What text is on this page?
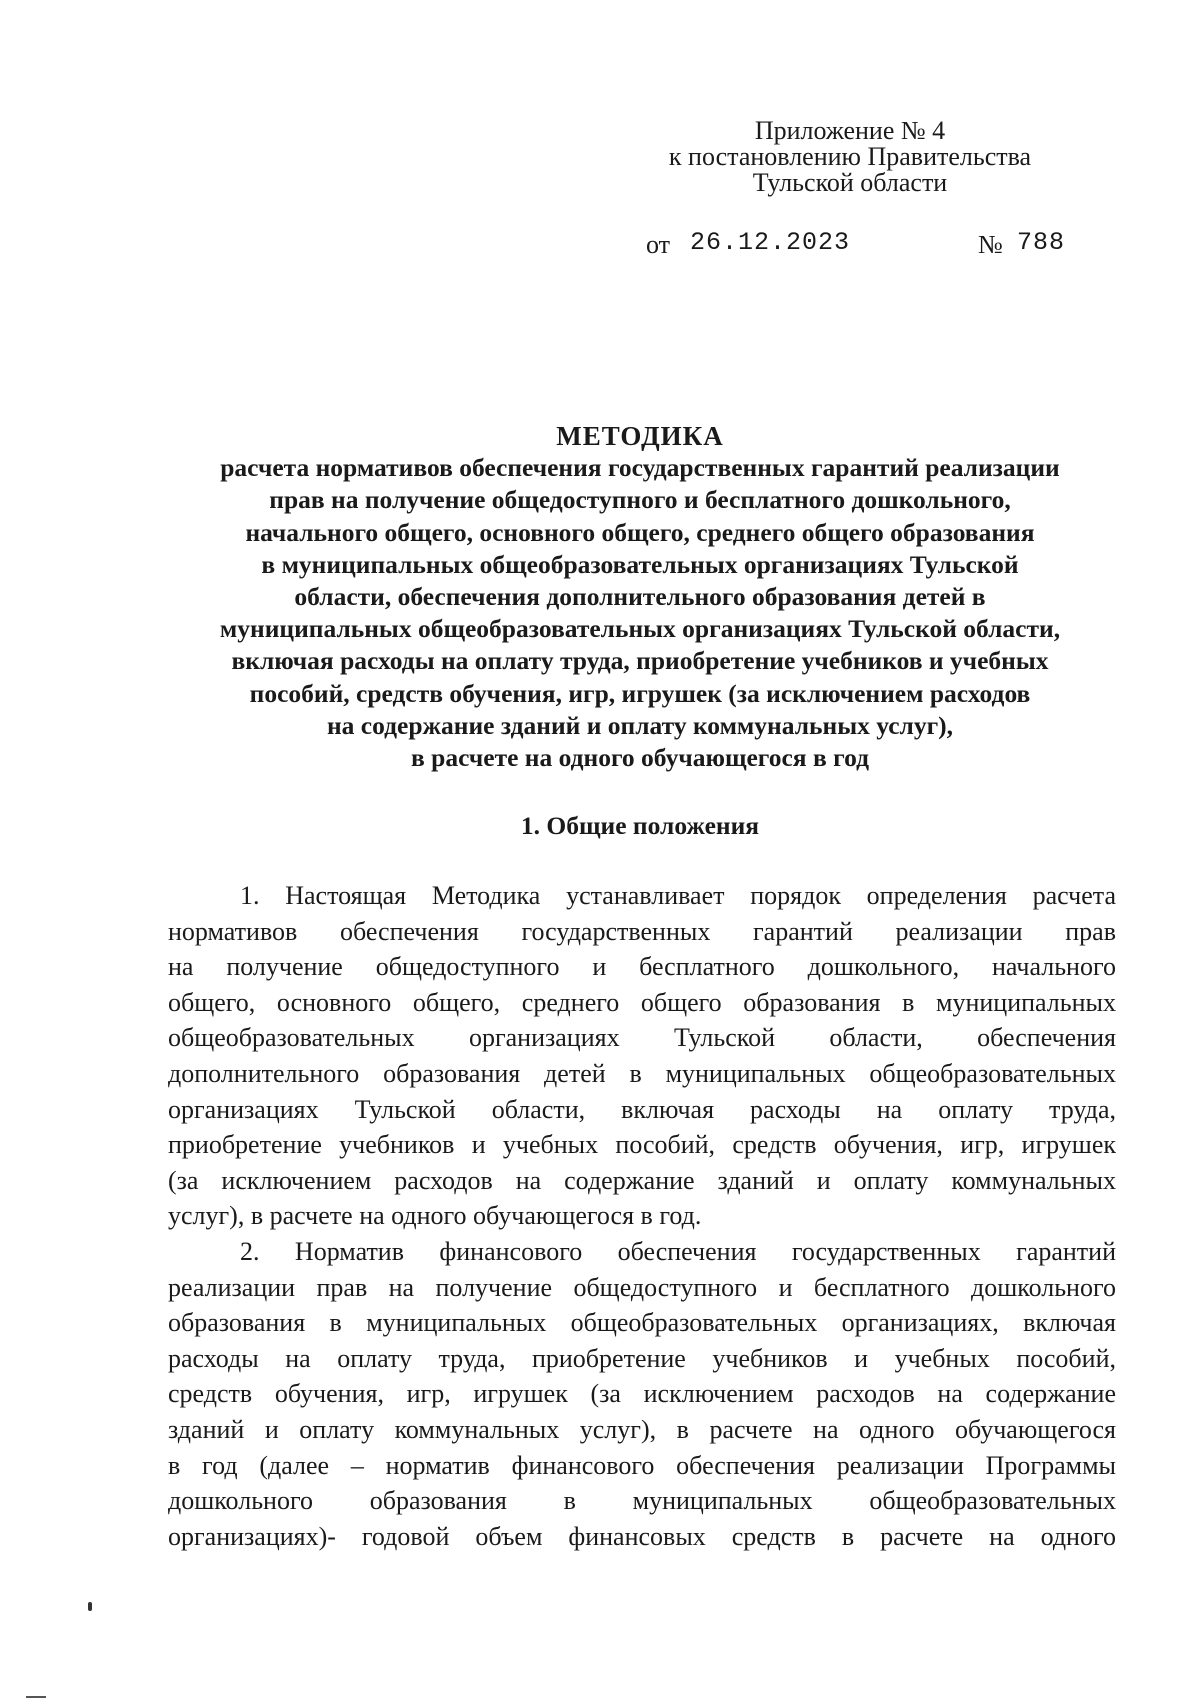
Приложение № 4
к постановлению Правительства
Тульской области
от 26.12.2023	№ 788
МЕТОДИКА
расчета нормативов обеспечения государственных гарантий реализации
прав на получение общедоступного и бесплатного дошкольного,
начального общего, основного общего, среднего общего образования
в муниципальных общеобразовательных организациях Тульской
области, обеспечения дополнительного образования детей в
муниципальных общеобразовательных организациях Тульской области,
включая расходы на оплату труда, приобретение учебников и учебных
пособий, средств обучения, игр, игрушек (за исключением расходов
на содержание зданий и оплату коммунальных услуг),
в расчете на одного обучающегося в год
1. Общие положения
1. Настоящая Методика устанавливает порядок определения расчета
нормативов обеспечения государственных гарантий реализации прав
на получение общедоступного и бесплатного дошкольного, начального
общего, основного общего, среднего общего образования в муниципальных
общеобразовательных организациях Тульской области, обеспечения
дополнительного образования детей в муниципальных общеобразовательных
организациях Тульской области, включая расходы на оплату труда,
приобретение учебников и учебных пособий, средств обучения, игр, игрушек
(за исключением расходов на содержание зданий и оплату коммунальных
услуг), в расчете на одного обучающегося в год.
2. Норматив финансового обеспечения государственных гарантий
реализации прав на получение общедоступного и бесплатного дошкольного
образования в муниципальных общеобразовательных организациях, включая
расходы на оплату труда, приобретение учебников и учебных пособий,
средств обучения, игр, игрушек (за исключением расходов на содержание
зданий и оплату коммунальных услуг), в расчете на одного обучающегося
в год (далее – норматив финансового обеспечения реализации Программы
дошкольного образования в муниципальных общеобразовательных
организациях)- годовой объем финансовых средств в расчете на одного
